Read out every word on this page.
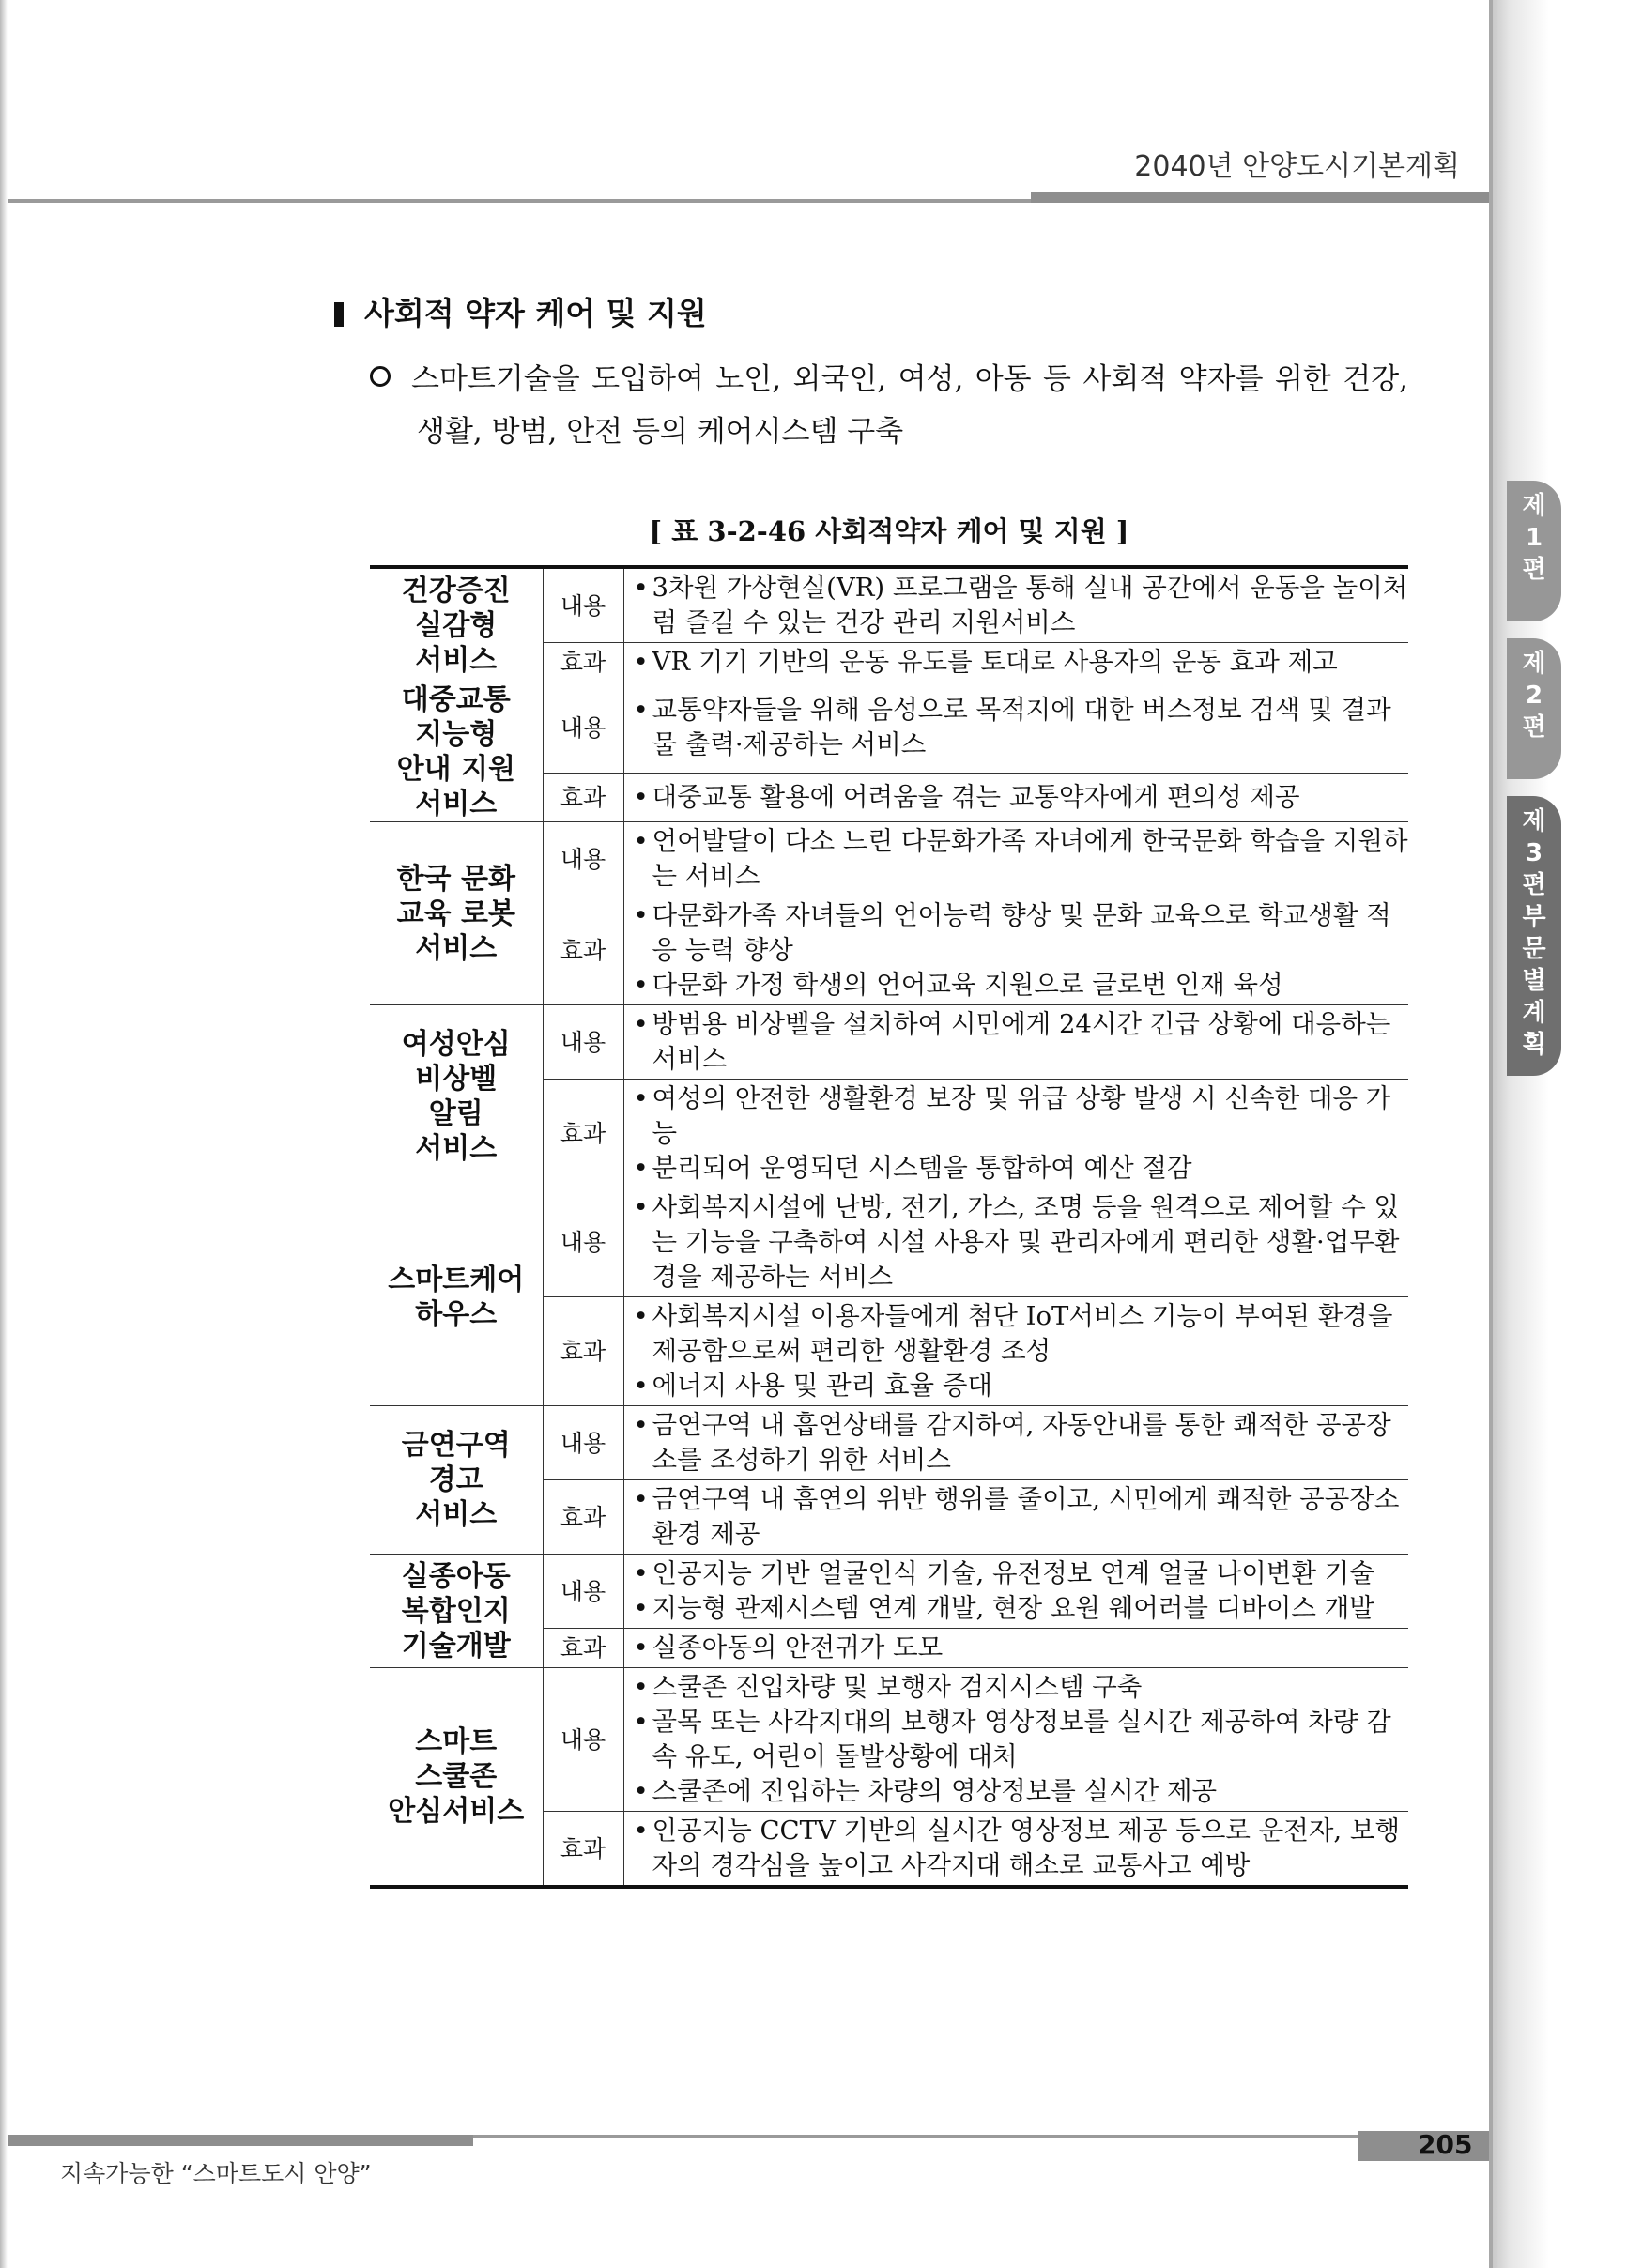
2040년 안양도시기본계획
제
1
편
제
2
편
제
3
편
부
문
별
계
획
사회적 약자 케어 및 지원
스마트기술을 도입하여 노인, 외국인, 여성, 아동 등 사회적 약자를 위한 건강,
생활, 방범, 안전 등의 케어시스템 구축
[ 표 3-2-46 사회적약자 케어 및 지원 ]
건강증진
실감형
서비스	내용	• 3차원 가상현실(VR) 프로그램을 통해 실내 공간에서 운동을 놀이처럼 즐길 수 있는 건강 관리 지원서비스

	효과	• VR 기기 기반의 운동 유도를 토대로 사용자의 운동 효과 제고

대중교통
지능형
안내 지원
서비스	내용	• 교통약자들을 위해 음성으로 목적지에 대한 버스정보 검색 및 결과물 출력·제공하는 서비스

	효과	• 대중교통 활용에 어려움을 겪는 교통약자에게 편의성 제공

한국 문화
교육 로봇
서비스	내용	• 언어발달이 다소 느린 다문화가족 자녀에게 한국문화 학습을 지원하는 서비스

	효과	• 다문화가족 자녀들의 언어능력 향상 및 문화 교육으로 학교생활 적응 능력 향상
• 다문화 가정 학생의 언어교육 지원으로 글로번 인재 육성

여성안심
비상벨
알림
서비스	내용	• 방범용 비상벨을 설치하여 시민에게 24시간 긴급 상황에 대응하는 서비스

	효과	• 여성의 안전한 생활환경 보장 및 위급 상황 발생 시 신속한 대응 가능
• 분리되어 운영되던 시스템을 통합하여 예산 절감

스마트케어
하우스	내용	• 사회복지시설에 난방, 전기, 가스, 조명 등을 원격으로 제어할 수 있는 기능을 구축하여 시설 사용자 및 관리자에게 편리한 생활·업무환경을 제공하는 서비스

	효과	• 사회복지시설 이용자들에게 첨단 IoT서비스 기능이 부여된 환경을 제공함으로써 편리한 생활환경 조성
• 에너지 사용 및 관리 효율 증대

금연구역
경고
서비스	내용	• 금연구역 내 흡연상태를 감지하여, 자동안내를 통한 쾌적한 공공장소를 조성하기 위한 서비스

	효과	• 금연구역 내 흡연의 위반 행위를 줄이고, 시민에게 쾌적한 공공장소 환경 제공

실종아동
복합인지
기술개발	내용	• 인공지능 기반 얼굴인식 기술, 유전정보 연계 얼굴 나이변환 기술
• 지능형 관제시스템 연계 개발, 현장 요원 웨어러블 디바이스 개발

	효과	• 실종아동의 안전귀가 도모

스마트
스쿨존
안심서비스	내용	• 스쿨존 진입차량 및 보행자 검지시스템 구축
• 골목 또는 사각지대의 보행자 영상정보를 실시간 제공하여 차량 감속 유도, 어린이 돌발상황에 대처
• 스쿨존에 진입하는 차량의 영상정보를 실시간 제공

	효과	• 인공지능 CCTV 기반의 실시간 영상정보 제공 등으로 운전자, 보행자의 경각심을 높이고 사각지대 해소로 교통사고 예방
205
지속가능한 “스마트도시 안양”
